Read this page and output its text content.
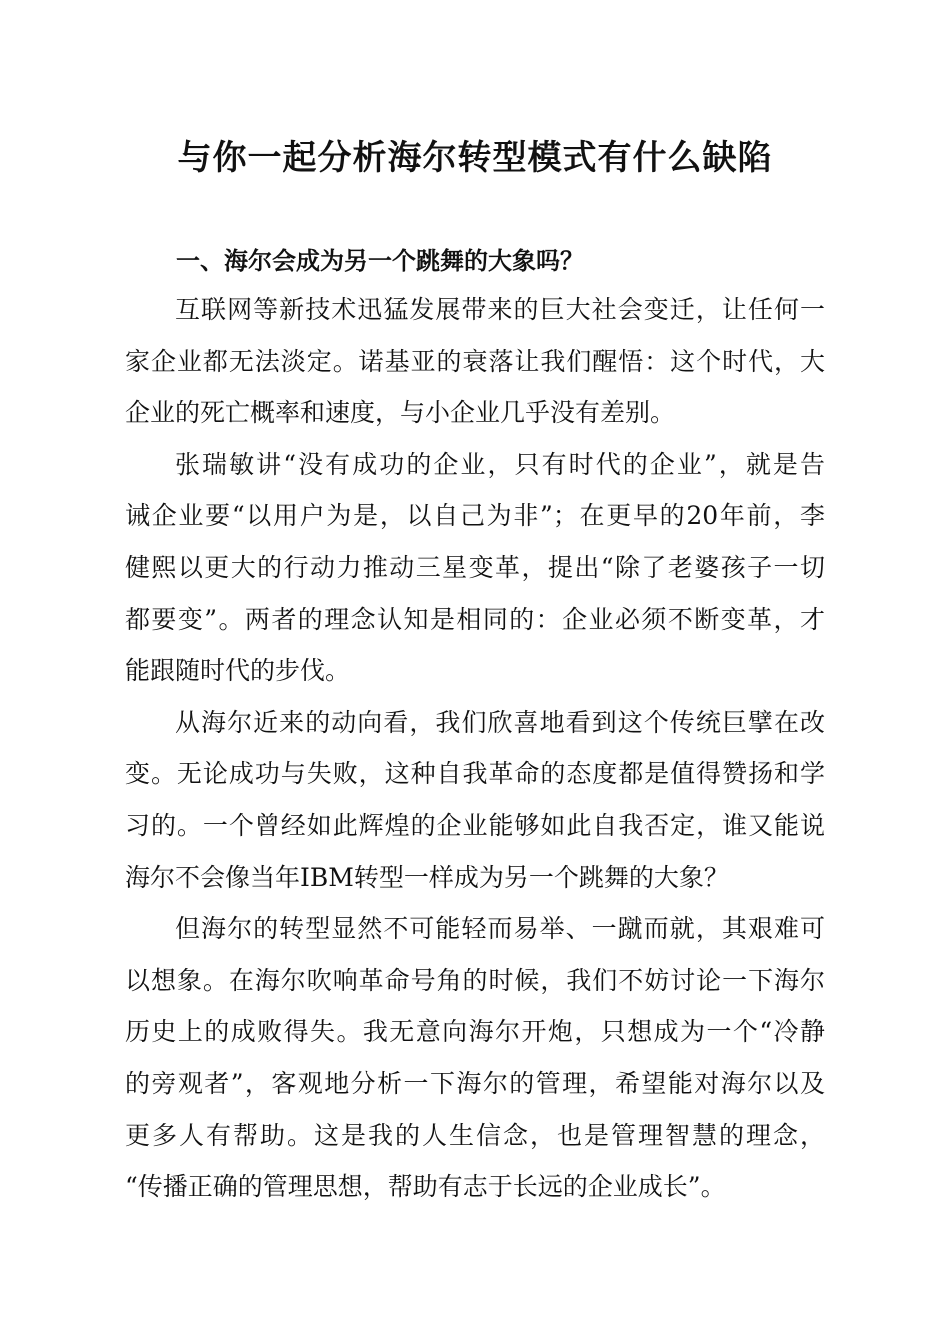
与你一起分析海尔转型模式有什么缺陷
一、海尔会成为另一个跳舞的大象吗？
互联网等新技术迅猛发展带来的巨大社会变迁，让任何一
家企业都无法淡定。诺基亚的衰落让我们醒悟：这个时代，大
企业的死亡概率和速度，与小企业几乎没有差别。
张瑞敏讲“没有成功的企业，只有时代的企业”，就是告
诫企业要“以用户为是，以自己为非”；在更早的20年前，李
健熙以更大的行动力推动三星变革，提出“除了老婆孩子一切
都要变”。两者的理念认知是相同的：企业必须不断变革，才
能跟随时代的步伐。
从海尔近来的动向看，我们欣喜地看到这个传统巨擘在改
变。无论成功与失败，这种自我革命的态度都是值得赞扬和学
习的。一个曾经如此辉煌的企业能够如此自我否定，谁又能说
海尔不会像当年IBM转型一样成为另一个跳舞的大象？
但海尔的转型显然不可能轻而易举、一蹴而就，其艰难可
以想象。在海尔吹响革命号角的时候，我们不妨讨论一下海尔
历史上的成败得失。我无意向海尔开炮，只想成为一个“冷静
的旁观者”，客观地分析一下海尔的管理，希望能对海尔以及
更多人有帮助。这是我的人生信念，也是管理智慧的理念，
“传播正确的管理思想，帮助有志于长远的企业成长”。
